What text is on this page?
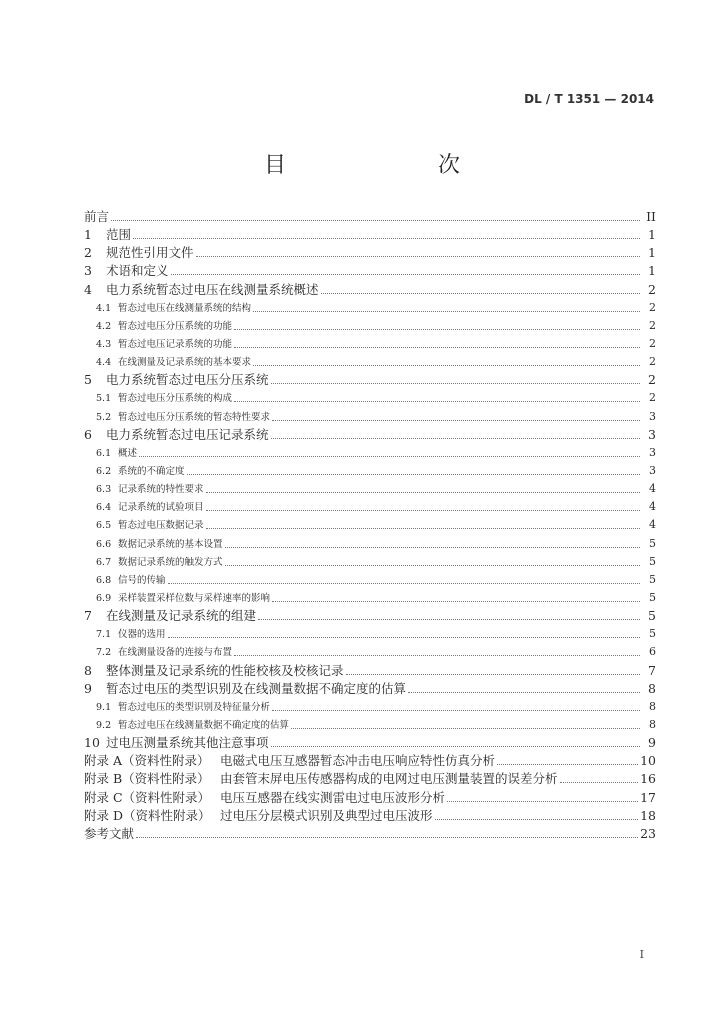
DL / T 1351 — 2014
目　　次
前言	II
1	范围	1
2	规范性引用文件	1
3	术语和定义	1
4	电力系统暂态过电压在线测量系统概述	2
4.1 暂态过电压在线测量系统的结构	2
4.2 暂态过电压分压系统的功能	2
4.3 暂态过电压记录系统的功能	2
4.4 在线测量及记录系统的基本要求	2
5	电力系统暂态过电压分压系统	2
5.1 暂态过电压分压系统的构成	2
5.2 暂态过电压分压系统的暂态特性要求	3
6	电力系统暂态过电压记录系统	3
6.1 概述	3
6.2 系统的不确定度	3
6.3 记录系统的特性要求	4
6.4 记录系统的试验项目	4
6.5 暂态过电压数据记录	4
6.6 数据记录系统的基本设置	5
6.7 数据记录系统的触发方式	5
6.8 信号的传输	5
6.9 采样装置采样位数与采样速率的影响	5
7	在线测量及记录系统的组建	5
7.1 仪器的选用	5
7.2 在线测量设备的连接与布置	6
8	整体测量及记录系统的性能校核及校核记录	7
9	暂态过电压的类型识别及在线测量数据不确定度的估算	8
9.1 暂态过电压的类型识别及特征量分析	8
9.2 暂态过电压在线测量数据不确定度的估算	8
10 过电压测量系统其他注意事项	9
附录 A（资料性附录） 电磁式电压互感器暂态冲击电压响应特性仿真分析	10
附录 B（资料性附录） 由套管末屏电压传感器构成的电网过电压测量装置的误差分析	16
附录 C（资料性附录） 电压互感器在线实测雷电过电压波形分析	17
附录 D（资料性附录） 过电压分层模式识别及典型过电压波形	18
参考文献	23
I
